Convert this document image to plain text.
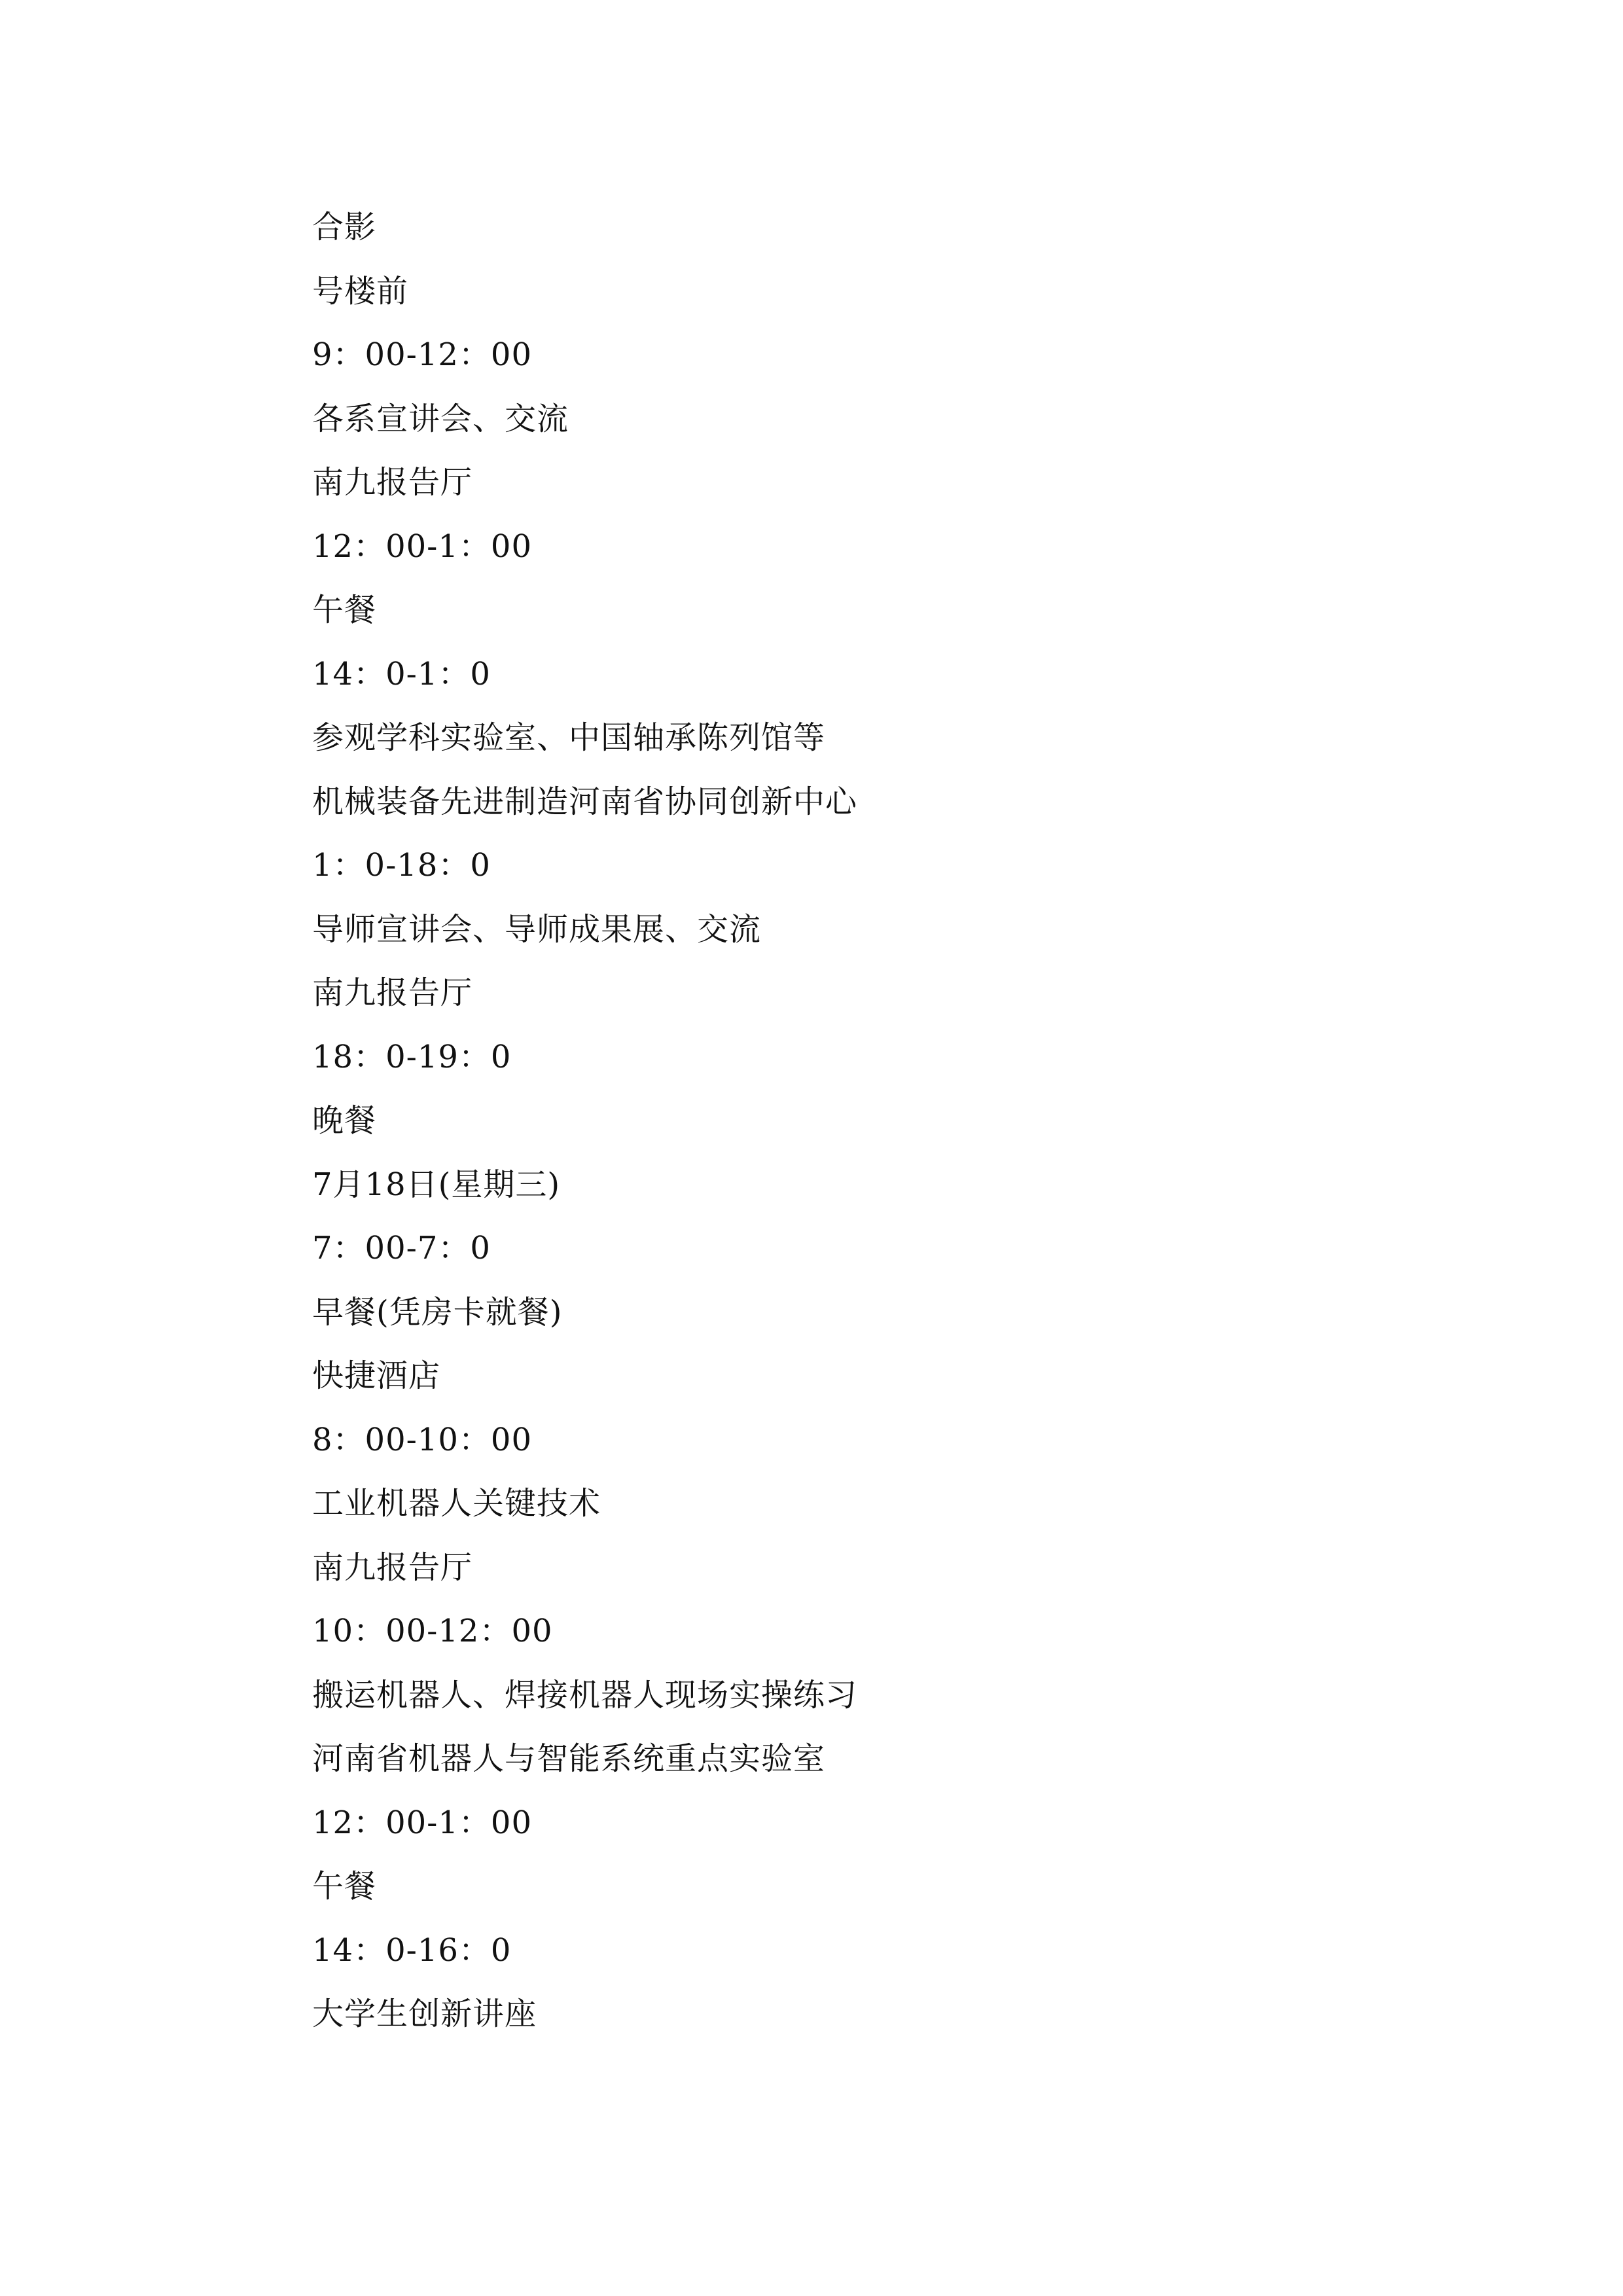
合影
号楼前
9：00-12：00
各系宣讲会、交流
南九报告厅
12：00-1：00
午餐
14：0-1：0
参观学科实验室、中国轴承陈列馆等
机械装备先进制造河南省协同创新中心
1：0-18：0
导师宣讲会、导师成果展、交流
南九报告厅
18：0-19：0
晚餐
7月18日(星期三)
7：00-7：0
早餐(凭房卡就餐)
快捷酒店
8：00-10：00
工业机器人关键技术
南九报告厅
10：00-12：00
搬运机器人、焊接机器人现场实操练习
河南省机器人与智能系统重点实验室
12：00-1：00
午餐
14：0-16：0
大学生创新讲座
